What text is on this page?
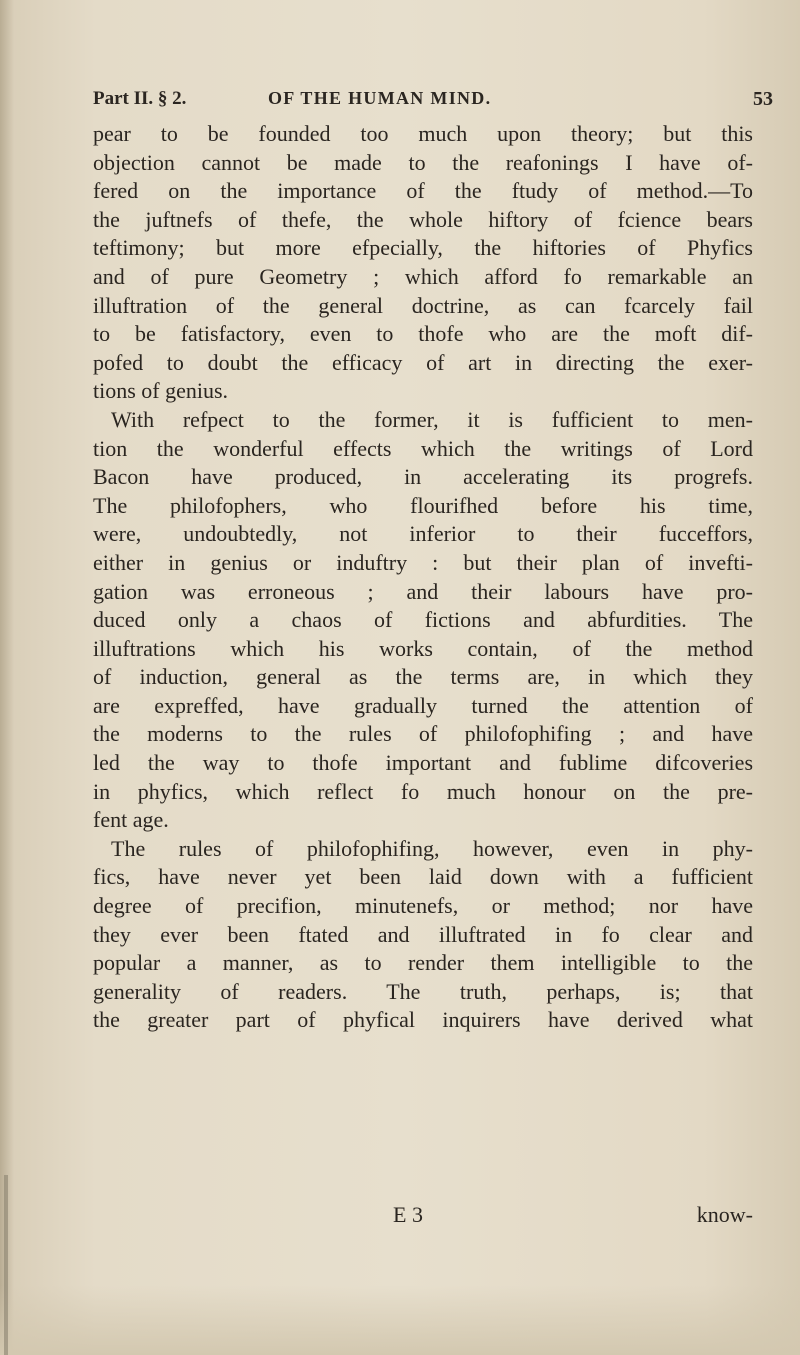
Part II. § 2.	OF THE HUMAN MIND.	53
pear to be founded too much upon theory; but this
objection cannot be made to the reafonings I have of-
fered on the importance of the ftudy of method.—To
the juftnefs of thefe, the whole hiftory of fcience bears
teftimony; but more efpecially, the hiftories of Phyfics
and of pure Geometry ; which afford fo remarkable an
illuftration of the general doctrine, as can fcarcely fail
to be fatisfactory, even to thofe who are the moft dif-
pofed to doubt the efficacy of art in directing the exer-
tions of genius.
With refpect to the former, it is fufficient to men-
tion the wonderful effects which the writings of Lord
Bacon have produced, in accelerating its progrefs.
The philofophers, who flourifhed before his time,
were, undoubtedly, not inferior to their fucceffors,
either in genius or induftry : but their plan of invefti-
gation was erroneous ; and their labours have pro-
duced only a chaos of fictions and abfurdities. The
illuftrations which his works contain, of the method
of induction, general as the terms are, in which they
are expreffed, have gradually turned the attention of
the moderns to the rules of philofophifing ; and have
led the way to thofe important and fublime difcoveries
in phyfics, which reflect fo much honour on the pre-
fent age.
The rules of philofophifing, however, even in phy-
fics, have never yet been laid down with a fufficient
degree of precifion, minutenefs, or method; nor have
they ever been ftated and illuftrated in fo clear and
popular a manner, as to render them intelligible to the
generality of readers. The truth, perhaps, is; that
the greater part of phyfical inquirers have derived what
E 3	know-
